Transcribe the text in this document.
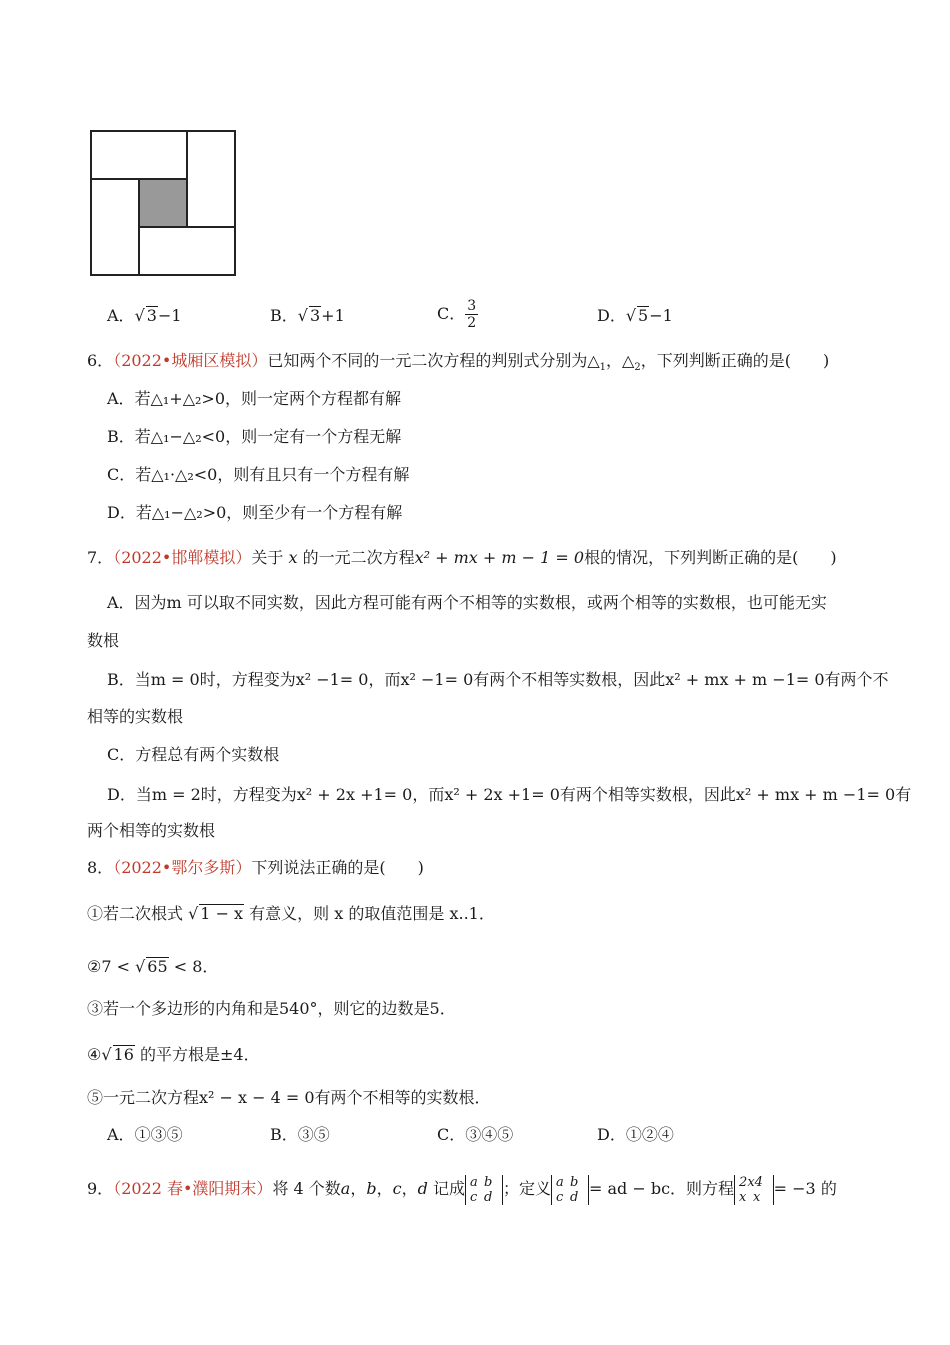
A．√ 3−1	B．√ 3+1	C． $\frac{3}{2}$	D．√ 5−1
6．（2022•城厢区模拟）已知两个不同的一元二次方程的判别式分别为$\triangle_1$，$\triangle_2$，下列判断正确的是(　　)
A．若△₁+△₂>0，则一定两个方程都有解
B．若△₁−△₂<0，则一定有一个方程无解
C．若△₁·△₂<0，则有且只有一个方程有解
D．若△₁−△₂>0，则至少有一个方程有解
7．（2022•邯郸模拟）关于 x 的一元二次方程x² + mx + m − 1 = 0根的情况，下列判断正确的是(　　)
A．因为m 可以取不同实数，因此方程可能有两个不相等的实数根，或两个相等的实数根，也可能无实
数根
B．当m = 0时，方程变为x² −1= 0，而x² −1= 0有两个不相等实数根，因此x² + mx + m −1= 0有两个不
相等的实数根
C．方程总有两个实数根
D．当m = 2时，方程变为x² + 2x +1= 0，而x² + 2x +1= 0有两个相等实数根，因此x² + mx + m −1= 0有
两个相等的实数根
8．（2022•鄂尔多斯）下列说法正确的是(　　)
①若二次根式 √ 1 − x 有意义，则 x 的取值范围是 x..1．
②7 < √ 65 < 8．
③若一个多边形的内角和是540°，则它的边数是5．
④√ 16 的平方根是±4．
⑤一元二次方程x² − x − 4 = 0有两个不相等的实数根．
A．①③⑤	B．③⑤	C．③④⑤	D．①②④
9．（2022 春•濮阳期末）将 4 个数a，b，c，d 记成 a b
c d ；定义 a b
c d = ad − bc．则方程 2x4
x x = −3 的
